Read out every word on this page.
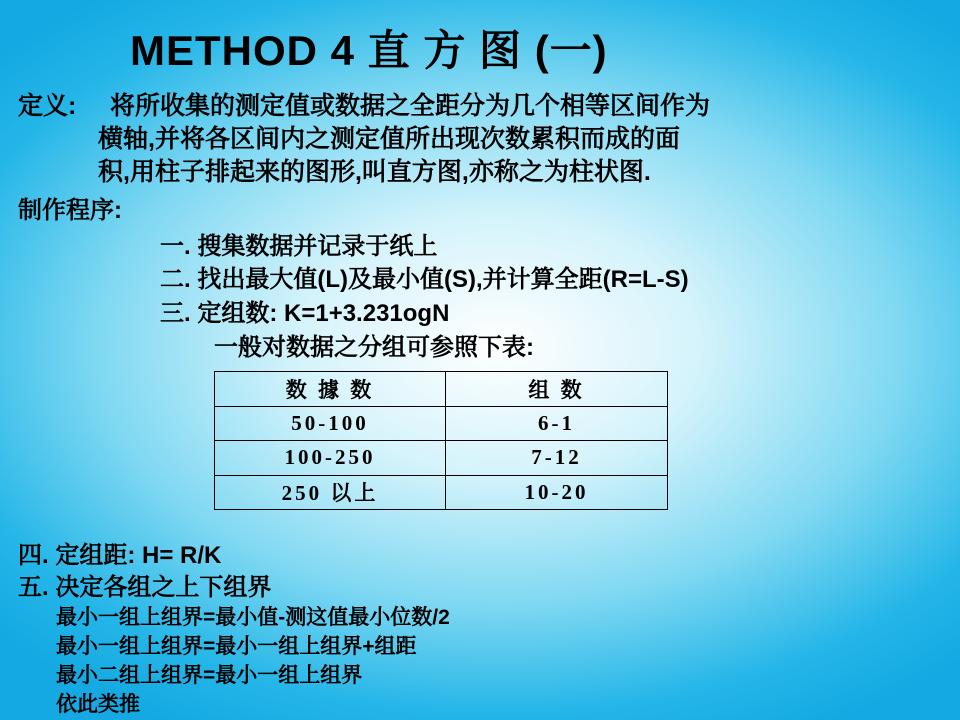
METHOD 4 直 方 图 (一)
定义: 将所收集的测定值或数据之全距分为几个相等区间作为
横轴,并将各区间内之测定值所出现次数累积而成的面
积,用柱子排起来的图形,叫直方图,亦称之为柱状图.
制作程序:
一. 搜集数据并记录于纸上
二. 找出最大值(L)及最小值(S),并计算全距(R=L-S)
三. 定组数: K=1+3.231ogN
一般对数据之分组可参照下表:
数 據 数	组 数
50-100	6-1
100-250	7-12
250 以上	10-20
四. 定组距: H= R/K
五. 决定各组之上下组界
最小一组上组界=最小值-测这值最小位数/2
最小一组上组界=最小一组上组界+组距
最小二组上组界=最小一组上组界
依此类推
